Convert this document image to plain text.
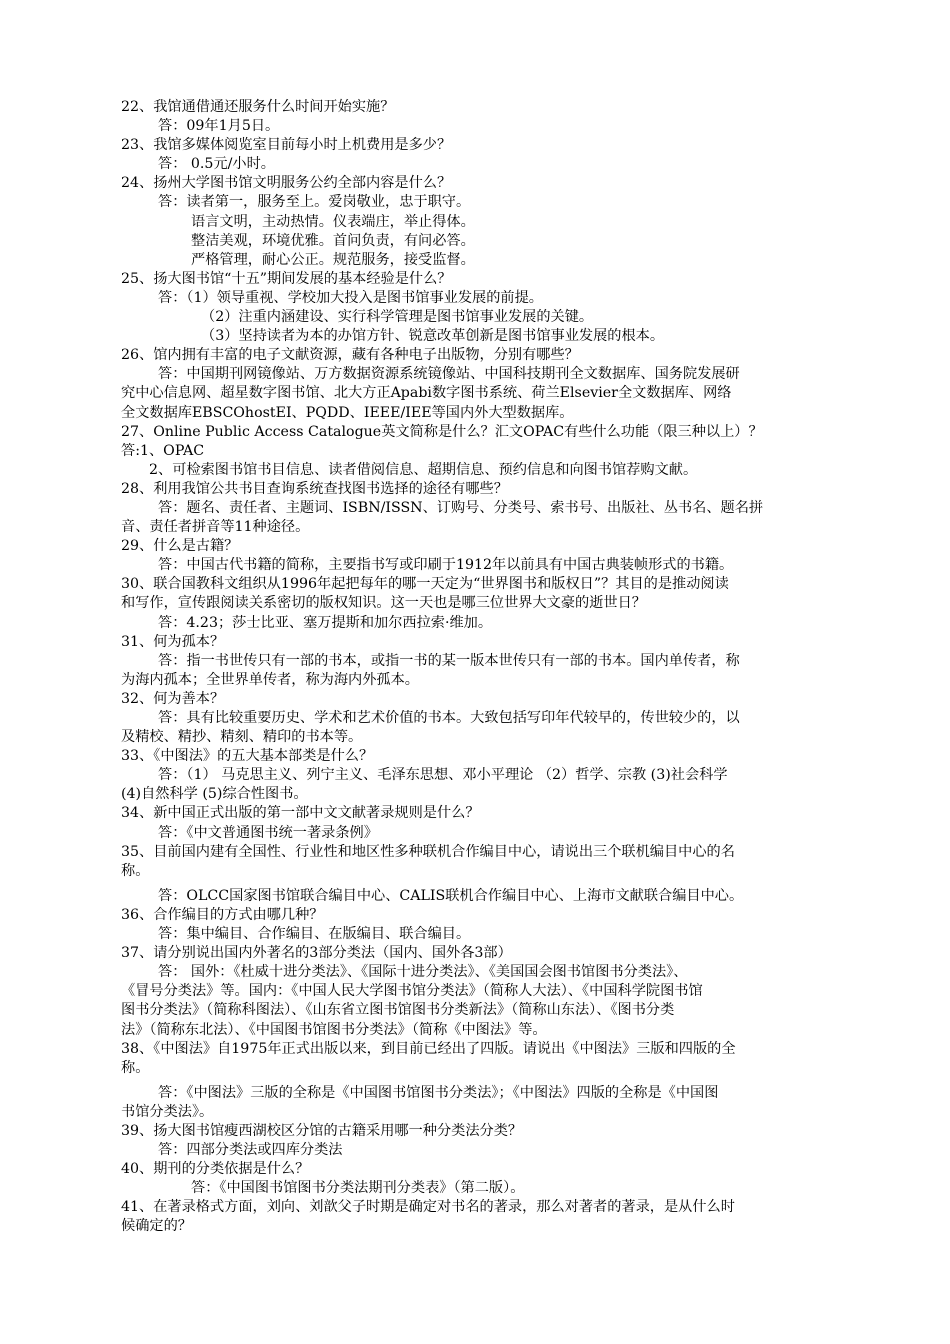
22、我馆通借通还服务什么时间开始实施？
答：09年1月5日。
23、我馆多媒体阅览室目前每小时上机费用是多少？
答： 0.5元/小时。
24、扬州大学图书馆文明服务公约全部内容是什么？
答：读者第一，服务至上。爱岗敬业，忠于职守。
语言文明，主动热情。仪表端庄，举止得体。
整洁美观，环境优雅。首问负责，有问必答。
严格管理，耐心公正。规范服务，接受监督。
25、扬大图书馆“十五”期间发展的基本经验是什么？
答：（1）领导重视、学校加大投入是图书馆事业发展的前提。
（2）注重内涵建设、实行科学管理是图书馆事业发展的关键。
（3）坚持读者为本的办馆方针、锐意改革创新是图书馆事业发展的根本。
26、馆内拥有丰富的电子文献资源，藏有各种电子出版物，分别有哪些？
答：中国期刊网镜像站、万方数据资源系统镜像站、中国科技期刊全文数据库、国务院发展研
究中心信息网、超星数字图书馆、北大方正Apabi数字图书系统、荷兰Elsevier全文数据库、网络
全文数据库EBSCOhostEI、PQDD、IEEE/IEE等国内外大型数据库。
27、Online Public Access Catalogue英文简称是什么？汇文OPAC有些什么功能（限三种以上）？
答:1、OPAC
2、可检索图书馆书目信息、读者借阅信息、超期信息、预约信息和向图书馆荐购文献。
28、利用我馆公共书目查询系统查找图书选择的途径有哪些？
答：题名、责任者、主题词、ISBN/ISSN、订购号、分类号、索书号、出版社、丛书名、题名拼
音、责任者拼音等11种途径。
29、什么是古籍？
答：中国古代书籍的简称，主要指书写或印刷于1912年以前具有中国古典装帧形式的书籍。
30、联合国教科文组织从1996年起把每年的哪一天定为“世界图书和版权日”？其目的是推动阅读
和写作，宣传跟阅读关系密切的版权知识。这一天也是哪三位世界大文豪的逝世日？
答：4.23；莎士比亚、塞万提斯和加尔西拉索·维加。
31、何为孤本？
答：指一书世传只有一部的书本，或指一书的某一版本世传只有一部的书本。国内单传者，称
为海内孤本；全世界单传者，称为海内外孤本。
32、何为善本？
答：具有比较重要历史、学术和艺术价值的书本。大致包括写印年代较早的，传世较少的，以
及精校、精抄、精刻、精印的书本等。
33、《中图法》的五大基本部类是什么？
答：（1） 马克思主义、列宁主义、毛泽东思想、邓小平理论 （2）哲学、宗教 (3)社会科学
(4)自然科学 (5)综合性图书。
34、新中国正式出版的第一部中文文献著录规则是什么？
答：《中文普通图书统一著录条例》
35、目前国内建有全国性、行业性和地区性多种联机合作编目中心，请说出三个联机编目中心的名
称。
答：OLCC国家图书馆联合编目中心、CALIS联机合作编目中心、上海市文献联合编目中心。
36、合作编目的方式由哪几种？
答：集中编目、合作编目、在版编目、联合编目。
37、请分别说出国内外著名的3部分类法（国内、国外各3部）
答： 国外：《杜威十进分类法》、《国际十进分类法》、《美国国会图书馆图书分类法》、
《冒号分类法》等。国内：《中国人民大学图书馆分类法》（简称人大法）、《中国科学院图书馆
图书分类法》（简称科图法）、《山东省立图书馆图书分类新法》（简称山东法）、《图书分类
法》（简称东北法）、《中国图书馆图书分类法》（简称《中图法》等。
38、《中图法》自1975年正式出版以来，到目前已经出了四版。请说出《中图法》三版和四版的全
称。
答：《中图法》三版的全称是《中国图书馆图书分类法》；《中图法》四版的全称是《中国图
书馆分类法》。
39、扬大图书馆瘦西湖校区分馆的古籍采用哪一种分类法分类？
答：四部分类法或四库分类法
40、期刊的分类依据是什么？
答：《中国图书馆图书分类法期刊分类表》（第二版）。
41、在著录格式方面，刘向、刘歆父子时期是确定对书名的著录，那么对著者的著录，是从什么时
候确定的？
